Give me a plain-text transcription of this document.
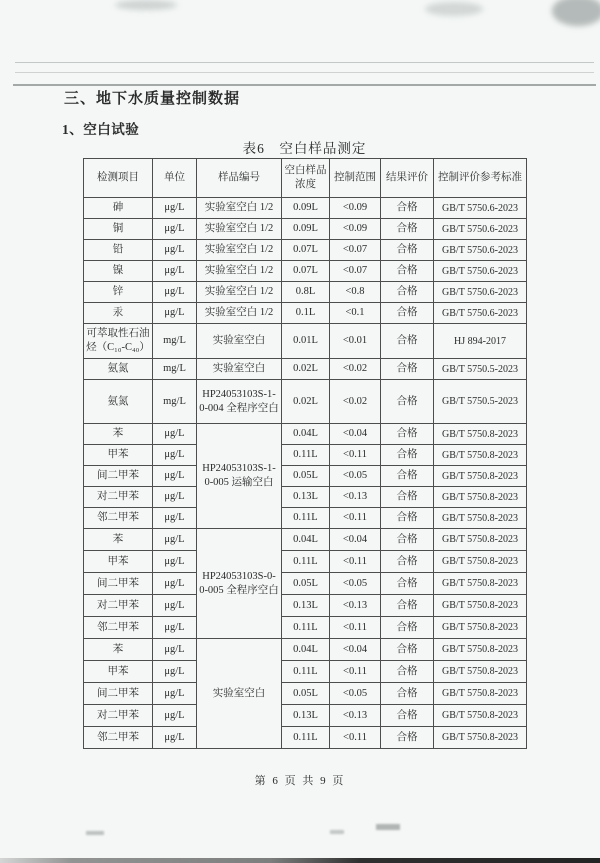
三、地下水质量控制数据
1、空白试验
表6　空白样品测定
检测项目	单位	样品编号	空白样品浓度	控制范围	结果评价	控制评价参考标准
砷	μg/L	实验室空白 1/2	0.09L	<0.09	合格	GB/T 5750.6-2023
铜	μg/L	实验室空白 1/2	0.09L	<0.09	合格	GB/T 5750.6-2023
铅	μg/L	实验室空白 1/2	0.07L	<0.07	合格	GB/T 5750.6-2023
镍	μg/L	实验室空白 1/2	0.07L	<0.07	合格	GB/T 5750.6-2023
锌	μg/L	实验室空白 1/2	0.8L	<0.8	合格	GB/T 5750.6-2023
汞	μg/L	实验室空白 1/2	0.1L	<0.1	合格	GB/T 5750.6-2023
可萃取性石油烃（C₁₀-C₄₀）	mg/L	实验室空白	0.01L	<0.01	合格	HJ 894-2017
氨氮	mg/L	实验室空白	0.02L	<0.02	合格	GB/T 5750.5-2023
氨氮	mg/L	HP24053103S-1-0-004 全程序空白	0.02L	<0.02	合格	GB/T 5750.5-2023
苯	μg/L	HP24053103S-1-0-005 运输空白	0.04L	<0.04	合格	GB/T 5750.8-2023
甲苯	μg/L		0.11L	<0.11	合格	GB/T 5750.8-2023
间二甲苯	μg/L		0.05L	<0.05	合格	GB/T 5750.8-2023
对二甲苯	μg/L		0.13L	<0.13	合格	GB/T 5750.8-2023
邻二甲苯	μg/L		0.11L	<0.11	合格	GB/T 5750.8-2023
苯	μg/L	HP24053103S-0-0-005 全程序空白	0.04L	<0.04	合格	GB/T 5750.8-2023
甲苯	μg/L		0.11L	<0.11	合格	GB/T 5750.8-2023
间二甲苯	μg/L		0.05L	<0.05	合格	GB/T 5750.8-2023
对二甲苯	μg/L		0.13L	<0.13	合格	GB/T 5750.8-2023
邻二甲苯	μg/L		0.11L	<0.11	合格	GB/T 5750.8-2023
苯	μg/L	实验室空白	0.04L	<0.04	合格	GB/T 5750.8-2023
甲苯	μg/L		0.11L	<0.11	合格	GB/T 5750.8-2023
间二甲苯	μg/L		0.05L	<0.05	合格	GB/T 5750.8-2023
对二甲苯	μg/L		0.13L	<0.13	合格	GB/T 5750.8-2023
邻二甲苯	μg/L		0.11L	<0.11	合格	GB/T 5750.8-2023
第 6 页 共 9 页
